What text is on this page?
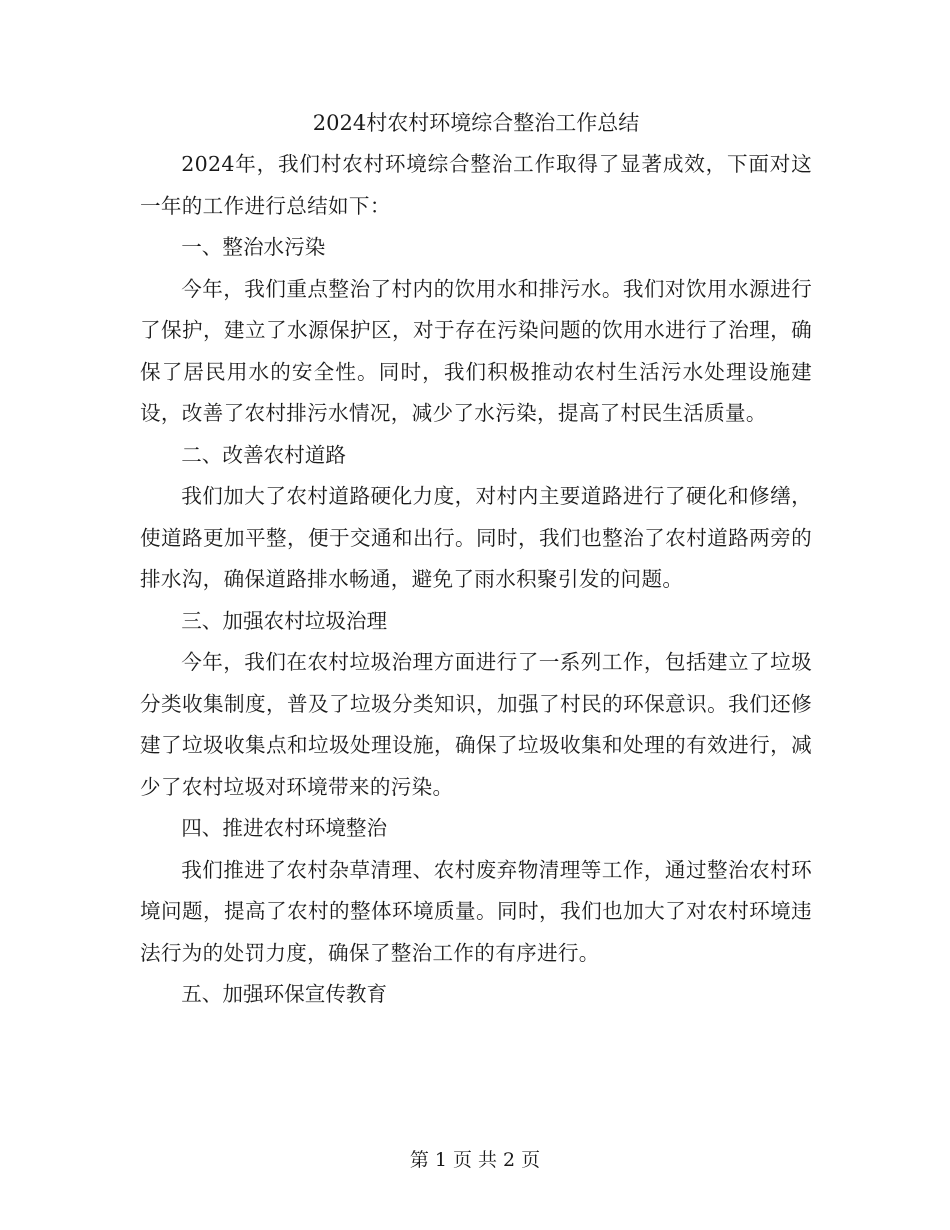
2024村农村环境综合整治工作总结

2024年，我们村农村环境综合整治工作取得了显著成效，下面对这一年的工作进行总结如下：

一、整治水污染

今年，我们重点整治了村内的饮用水和排污水。我们对饮用水源进行了保护，建立了水源保护区，对于存在污染问题的饮用水进行了治理，确保了居民用水的安全性。同时，我们积极推动农村生活污水处理设施建设，改善了农村排污水情况，减少了水污染，提高了村民生活质量。

二、改善农村道路

我们加大了农村道路硬化力度，对村内主要道路进行了硬化和修缮，使道路更加平整，便于交通和出行。同时，我们也整治了农村道路两旁的排水沟，确保道路排水畅通，避免了雨水积聚引发的问题。

三、加强农村垃圾治理

今年，我们在农村垃圾治理方面进行了一系列工作，包括建立了垃圾分类收集制度，普及了垃圾分类知识，加强了村民的环保意识。我们还修建了垃圾收集点和垃圾处理设施，确保了垃圾收集和处理的有效进行，减少了农村垃圾对环境带来的污染。

四、推进农村环境整治

我们推进了农村杂草清理、农村废弃物清理等工作，通过整治农村环境问题，提高了农村的整体环境质量。同时，我们也加大了对农村环境违法行为的处罚力度，确保了整治工作的有序进行。

五、加强环保宣传教育

第 1 页 共 2 页
